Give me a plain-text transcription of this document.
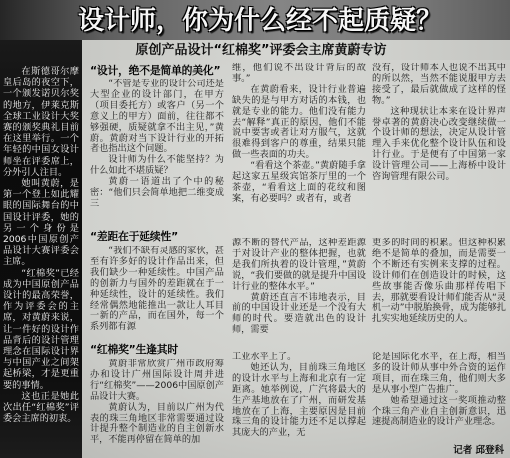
设计师，你为什么经不起质疑？
原创产品设计“红棉奖”评委会主席黄蔚专访

在斯德哥尔摩皇后岛的夜空下，一个颁发诺贝尔奖的地方，伊莱克斯全球工业设计大奖赛的颁奖典礼目前在这里举行。一个年轻的中国女设计师坐在评委席上，分外引人注目。

她叫黄蔚，是第一个登上如此耀眼的国际舞台的中国设计评委，她的另一个身份是2006中国原创产品设计大赛评委会主席。

“红棉奖”已经成为中国原创产品设计的最高荣誉，作为评委会的主席，对黄蔚来说，让一件好的设计作品背后的设计管理理念在国际设计界与中国产业之间架起桥梁，才是更重要的事情。

这也正是她此次出任“红棉奖”评委会主席的初衷。

“设计，绝不是简单的美化”

“不管是专业的设计公司还是大型企业的设计部门，在甲方（项目委托方）或客户（另一个意义上的甲方）面前，往往都不够强硬，质疑就拿不出主见，”黄蔚。黄蔚对当下设计行业的开拓者也指出这个问题。

设计师为什么不能坚持？为什么如此不堪质疑？

黄蔚一语道出了个中的秘密：“他们只会简单地把二维变成三

维，他们说不出设计背后的故事。”

在黄蔚看来，设计行业普遍缺失的是与甲方对话的本钱，也就是专业的能力。他们没有能力去“解释”真正的原因，他们不能说中要害或者让对方服气，这就很难得到客户的尊重，结果只能做一些表面的功夫。

“看看这个茶壶。”黄蔚随手拿起这家五星级宾馆茶厅里的一个茶壶，“看看这上面的花纹和图案，有必要吗？或者有，或者

没有，设计师本人也说不出其中的所以然，当然不能说服甲方去接受了，最后就做成了这样的怪物。”

这种现状让本来在设计界声誉卓著的黄蔚决心改变继续做一个设计师的想法，决定从设计管理入手来优化整个设计队伍和设计行业。于是便有了中国第一家设计管理公司——上海桥中设计咨询管理有限公司。

“差距在于延续性”

“我们不缺有灵感的家伙，甚至有许多好的设计作品出来，但我们缺少一种延续性。中国产品的创新力与国外的差距就在于一种延续性，设计的延续性。我们经常偶然地能推出一款让人耳目一新的产品，而在国外，每一个系列都有源

源不断的替代产品，这种差距源于对设计产业的整体把握，也就是我们所执着的设计管理，”黄蔚说，“我们要做的就是提升中国设计行业的整体水平。”

黄蔚还直言不讳地表示，目前的中国设计业还是一个没有大师的时代。要造就出色的设计师，需要

更多的时间的积累。但这种积累绝不是简单的叠加，而是需要一个不断还有实例来支撑的过程。设计师们在创造设计的时候，这些故事能否像乐曲那样传唱下去，那就要看设计师们能否从“灵机一动”中脱胎换骨，成为能够扎扎实实地延续历史的人。

“红棉奖”生逢其时

黄蔚非常欣赏广州市政府筹办和设计广州国际设计周并进行“红棉奖”——2006中国原创产品设计大赛。

黄蔚认为，目前以广州为代表的珠三角地区非常需要通过设计提升整个制造业的自主创新水平，不能再停留在简单的加

工业水平上了。

她还认为，目前珠三角地区的设计水平与上海和北京有一定距离。她举例说，广汽将最大的生产基地放在了广州，而研发基地放在了上海，主要原因是目前珠三角的设计能力还不足以撑起其庞大的产业，无

论是国际化水平，在上海，相当多的设计师从事中外合资的运作项目，而在珠三角，他们则大多是从事小型广告推广。

她希望通过这一奖项推动整个珠三角产业自主创新意识，迅速提高制造业的设计产业理念。

记者 邱登科
